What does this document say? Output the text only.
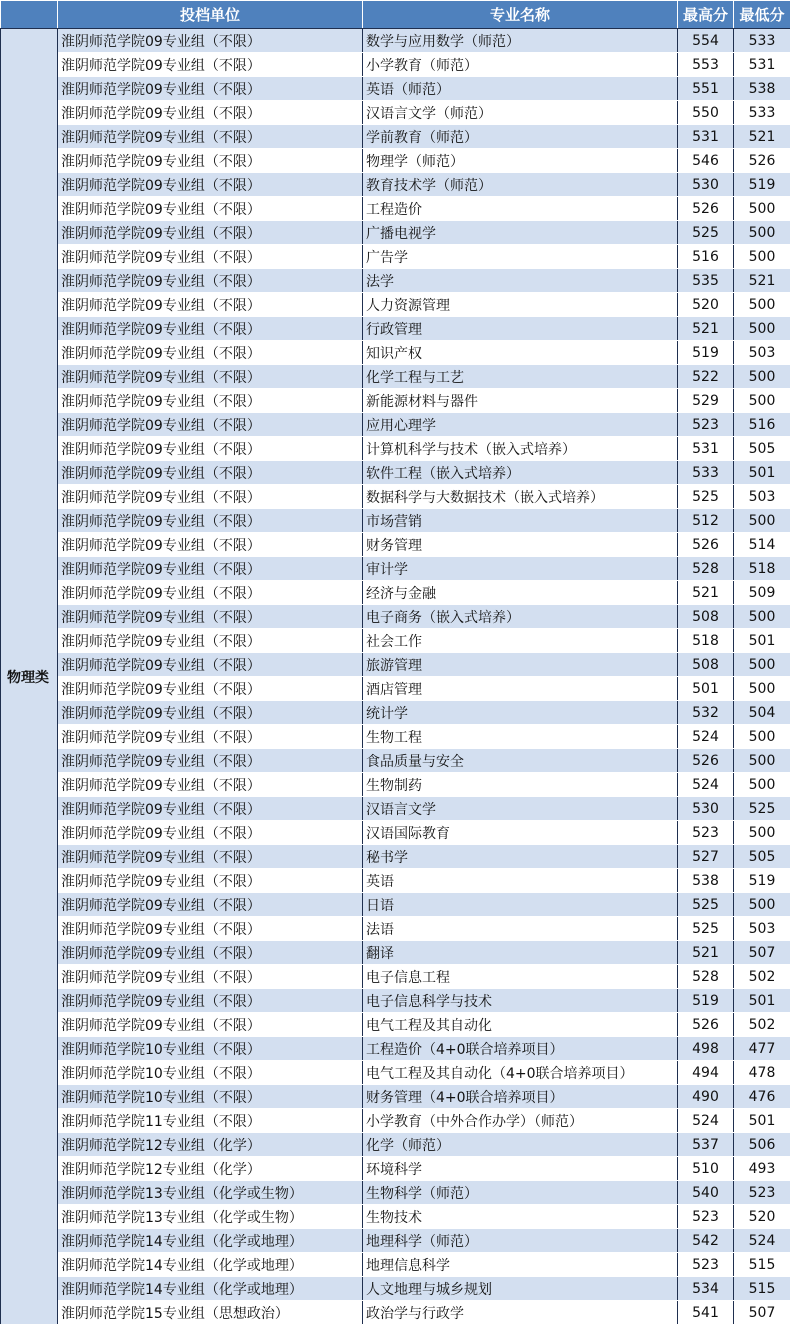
	投档单位	专业名称	最高分	最低分
物理类	淮阴师范学院09专业组（不限）	数学与应用数学（师范）	554	533
	淮阴师范学院09专业组（不限）	小学教育（师范）	553	531
	淮阴师范学院09专业组（不限）	英语（师范）	551	538
	淮阴师范学院09专业组（不限）	汉语言文学（师范）	550	533
	淮阴师范学院09专业组（不限）	学前教育（师范）	531	521
	淮阴师范学院09专业组（不限）	物理学（师范）	546	526
	淮阴师范学院09专业组（不限）	教育技术学（师范）	530	519
	淮阴师范学院09专业组（不限）	工程造价	526	500
	淮阴师范学院09专业组（不限）	广播电视学	525	500
	淮阴师范学院09专业组（不限）	广告学	516	500
	淮阴师范学院09专业组（不限）	法学	535	521
	淮阴师范学院09专业组（不限）	人力资源管理	520	500
	淮阴师范学院09专业组（不限）	行政管理	521	500
	淮阴师范学院09专业组（不限）	知识产权	519	503
	淮阴师范学院09专业组（不限）	化学工程与工艺	522	500
	淮阴师范学院09专业组（不限）	新能源材料与器件	529	500
	淮阴师范学院09专业组（不限）	应用心理学	523	516
	淮阴师范学院09专业组（不限）	计算机科学与技术（嵌入式培养）	531	505
	淮阴师范学院09专业组（不限）	软件工程（嵌入式培养）	533	501
	淮阴师范学院09专业组（不限）	数据科学与大数据技术（嵌入式培养）	525	503
	淮阴师范学院09专业组（不限）	市场营销	512	500
	淮阴师范学院09专业组（不限）	财务管理	526	514
	淮阴师范学院09专业组（不限）	审计学	528	518
	淮阴师范学院09专业组（不限）	经济与金融	521	509
	淮阴师范学院09专业组（不限）	电子商务（嵌入式培养）	508	500
	淮阴师范学院09专业组（不限）	社会工作	518	501
	淮阴师范学院09专业组（不限）	旅游管理	508	500
	淮阴师范学院09专业组（不限）	酒店管理	501	500
	淮阴师范学院09专业组（不限）	统计学	532	504
	淮阴师范学院09专业组（不限）	生物工程	524	500
	淮阴师范学院09专业组（不限）	食品质量与安全	526	500
	淮阴师范学院09专业组（不限）	生物制药	524	500
	淮阴师范学院09专业组（不限）	汉语言文学	530	525
	淮阴师范学院09专业组（不限）	汉语国际教育	523	500
	淮阴师范学院09专业组（不限）	秘书学	527	505
	淮阴师范学院09专业组（不限）	英语	538	519
	淮阴师范学院09专业组（不限）	日语	525	500
	淮阴师范学院09专业组（不限）	法语	525	503
	淮阴师范学院09专业组（不限）	翻译	521	507
	淮阴师范学院09专业组（不限）	电子信息工程	528	502
	淮阴师范学院09专业组（不限）	电子信息科学与技术	519	501
	淮阴师范学院09专业组（不限）	电气工程及其自动化	526	502
	淮阴师范学院10专业组（不限）	工程造价（4+0联合培养项目）	498	477
	淮阴师范学院10专业组（不限）	电气工程及其自动化（4+0联合培养项目）	494	478
	淮阴师范学院10专业组（不限）	财务管理（4+0联合培养项目）	490	476
	淮阴师范学院11专业组（不限）	小学教育（中外合作办学）（师范）	524	501
	淮阴师范学院12专业组（化学）	化学（师范）	537	506
	淮阴师范学院12专业组（化学）	环境科学	510	493
	淮阴师范学院13专业组（化学或生物）	生物科学（师范）	540	523
	淮阴师范学院13专业组（化学或生物）	生物技术	523	520
	淮阴师范学院14专业组（化学或地理）	地理科学（师范）	542	524
	淮阴师范学院14专业组（化学或地理）	地理信息科学	523	515
	淮阴师范学院14专业组（化学或地理）	人文地理与城乡规划	534	515
	淮阴师范学院15专业组（思想政治）	政治学与行政学	541	507
